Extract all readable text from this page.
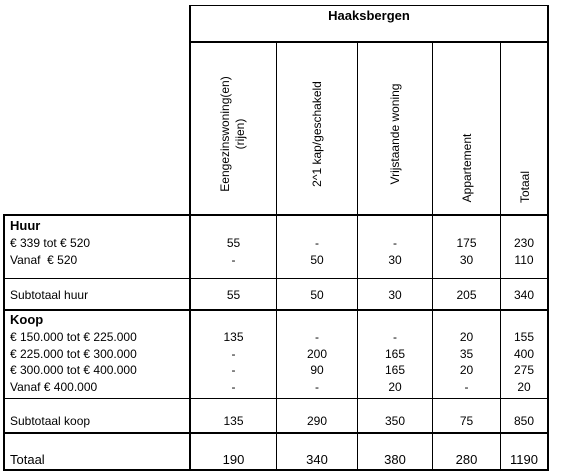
Haaksbergen
Eengezinswoning(en)
(rijen)	2^1 kap/geschakeld	Vrijstaande woning	Appartement	Totaal
Huur
€ 339 tot € 520	55	-	-	175	230
Vanaf  € 520	-	50	30	30	110
Subtotaal huur	55	50	30	205	340
Koop
€ 150.000 tot € 225.000	135	-	-	20	155
€ 225.000 tot € 300.000	-	200	165	35	400
€ 300.000 tot € 400.000	-	90	165	20	275
Vanaf € 400.000	-	-	20	-	20
Subtotaal koop	135	290	350	75	850
Totaal	190	340	380	280	1190
